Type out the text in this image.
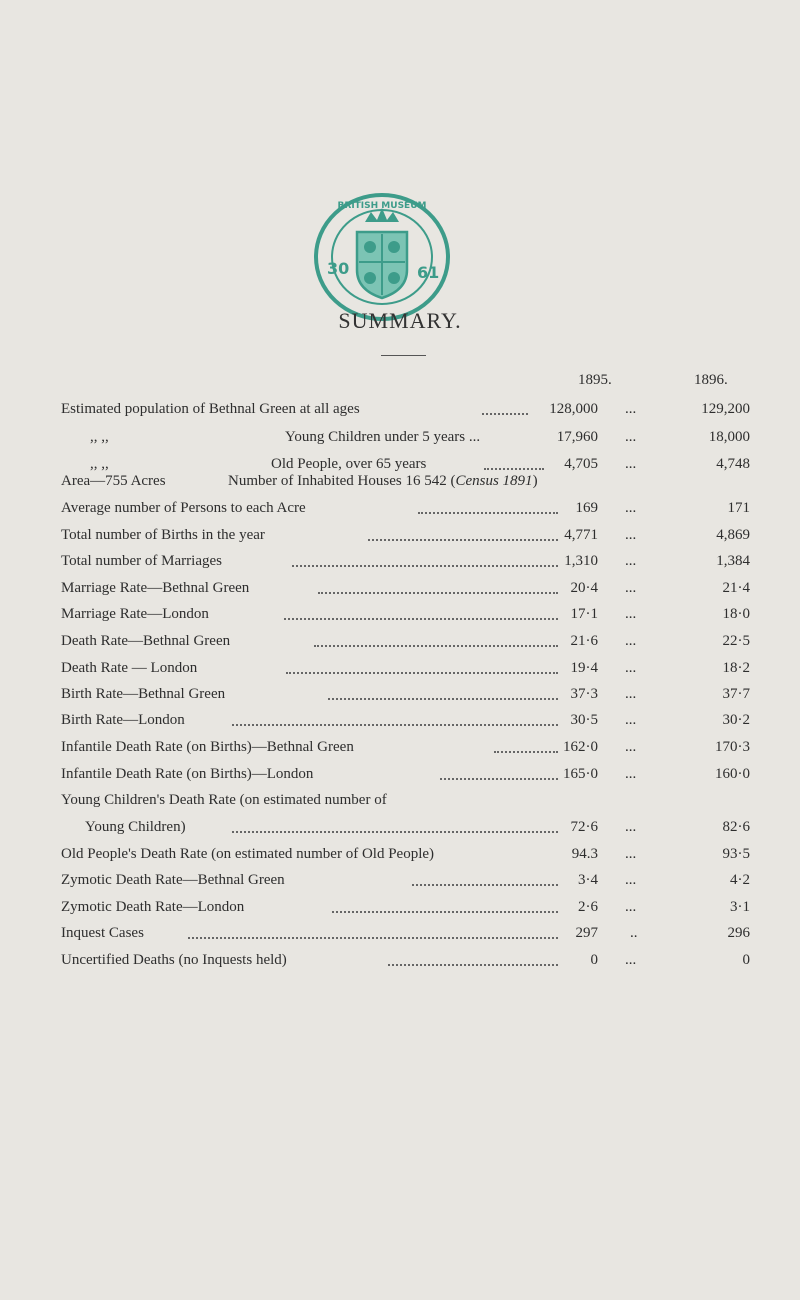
BRITISH MUSEUM
30	61
SUMMARY.
1895.	1896.
Estimated population of Bethnal Green at all ages	128,000 ...	129,200
,, ,,	Young Children under 5 years ...	17,960 ...	18,000
,, ,,	Old People, over 65 years	4,705 ...	4,748
Area—755 Acres	Number of Inhabited Houses 16 542 (Census 1891)
Average number of Persons to each Acre	169 ...	171
Total number of Births in the year	4,771 ...	4,869
Total number of Marriages	1,310 ...	1,384
Marriage Rate—Bethnal Green	20·4 ...	21·4
Marriage Rate—London	17·1 ...	18·0
Death Rate—Bethnal Green	21·6 ...	22·5
Death Rate — London	19·4 ...	18·2
Birth Rate—Bethnal Green	37·3 ...	37·7
Birth Rate—London	30·5 ...	30·2
Infantile Death Rate (on Births)—Bethnal Green	162·0 ...	170·3
Infantile Death Rate (on Births)—London	165·0 ...	160·0
Young Children's Death Rate (on estimated number of
Young Children)	72·6 ...	82·6
Old People's Death Rate (on estimated number of Old People)	94.3 ...	93·5
Zymotic Death Rate—Bethnal Green	3·4 ...	4·2
Zymotic Death Rate—London	2·6 ...	3·1
Inquest Cases	297 ..	296
Uncertified Deaths (no Inquests held)	0 ...	0
